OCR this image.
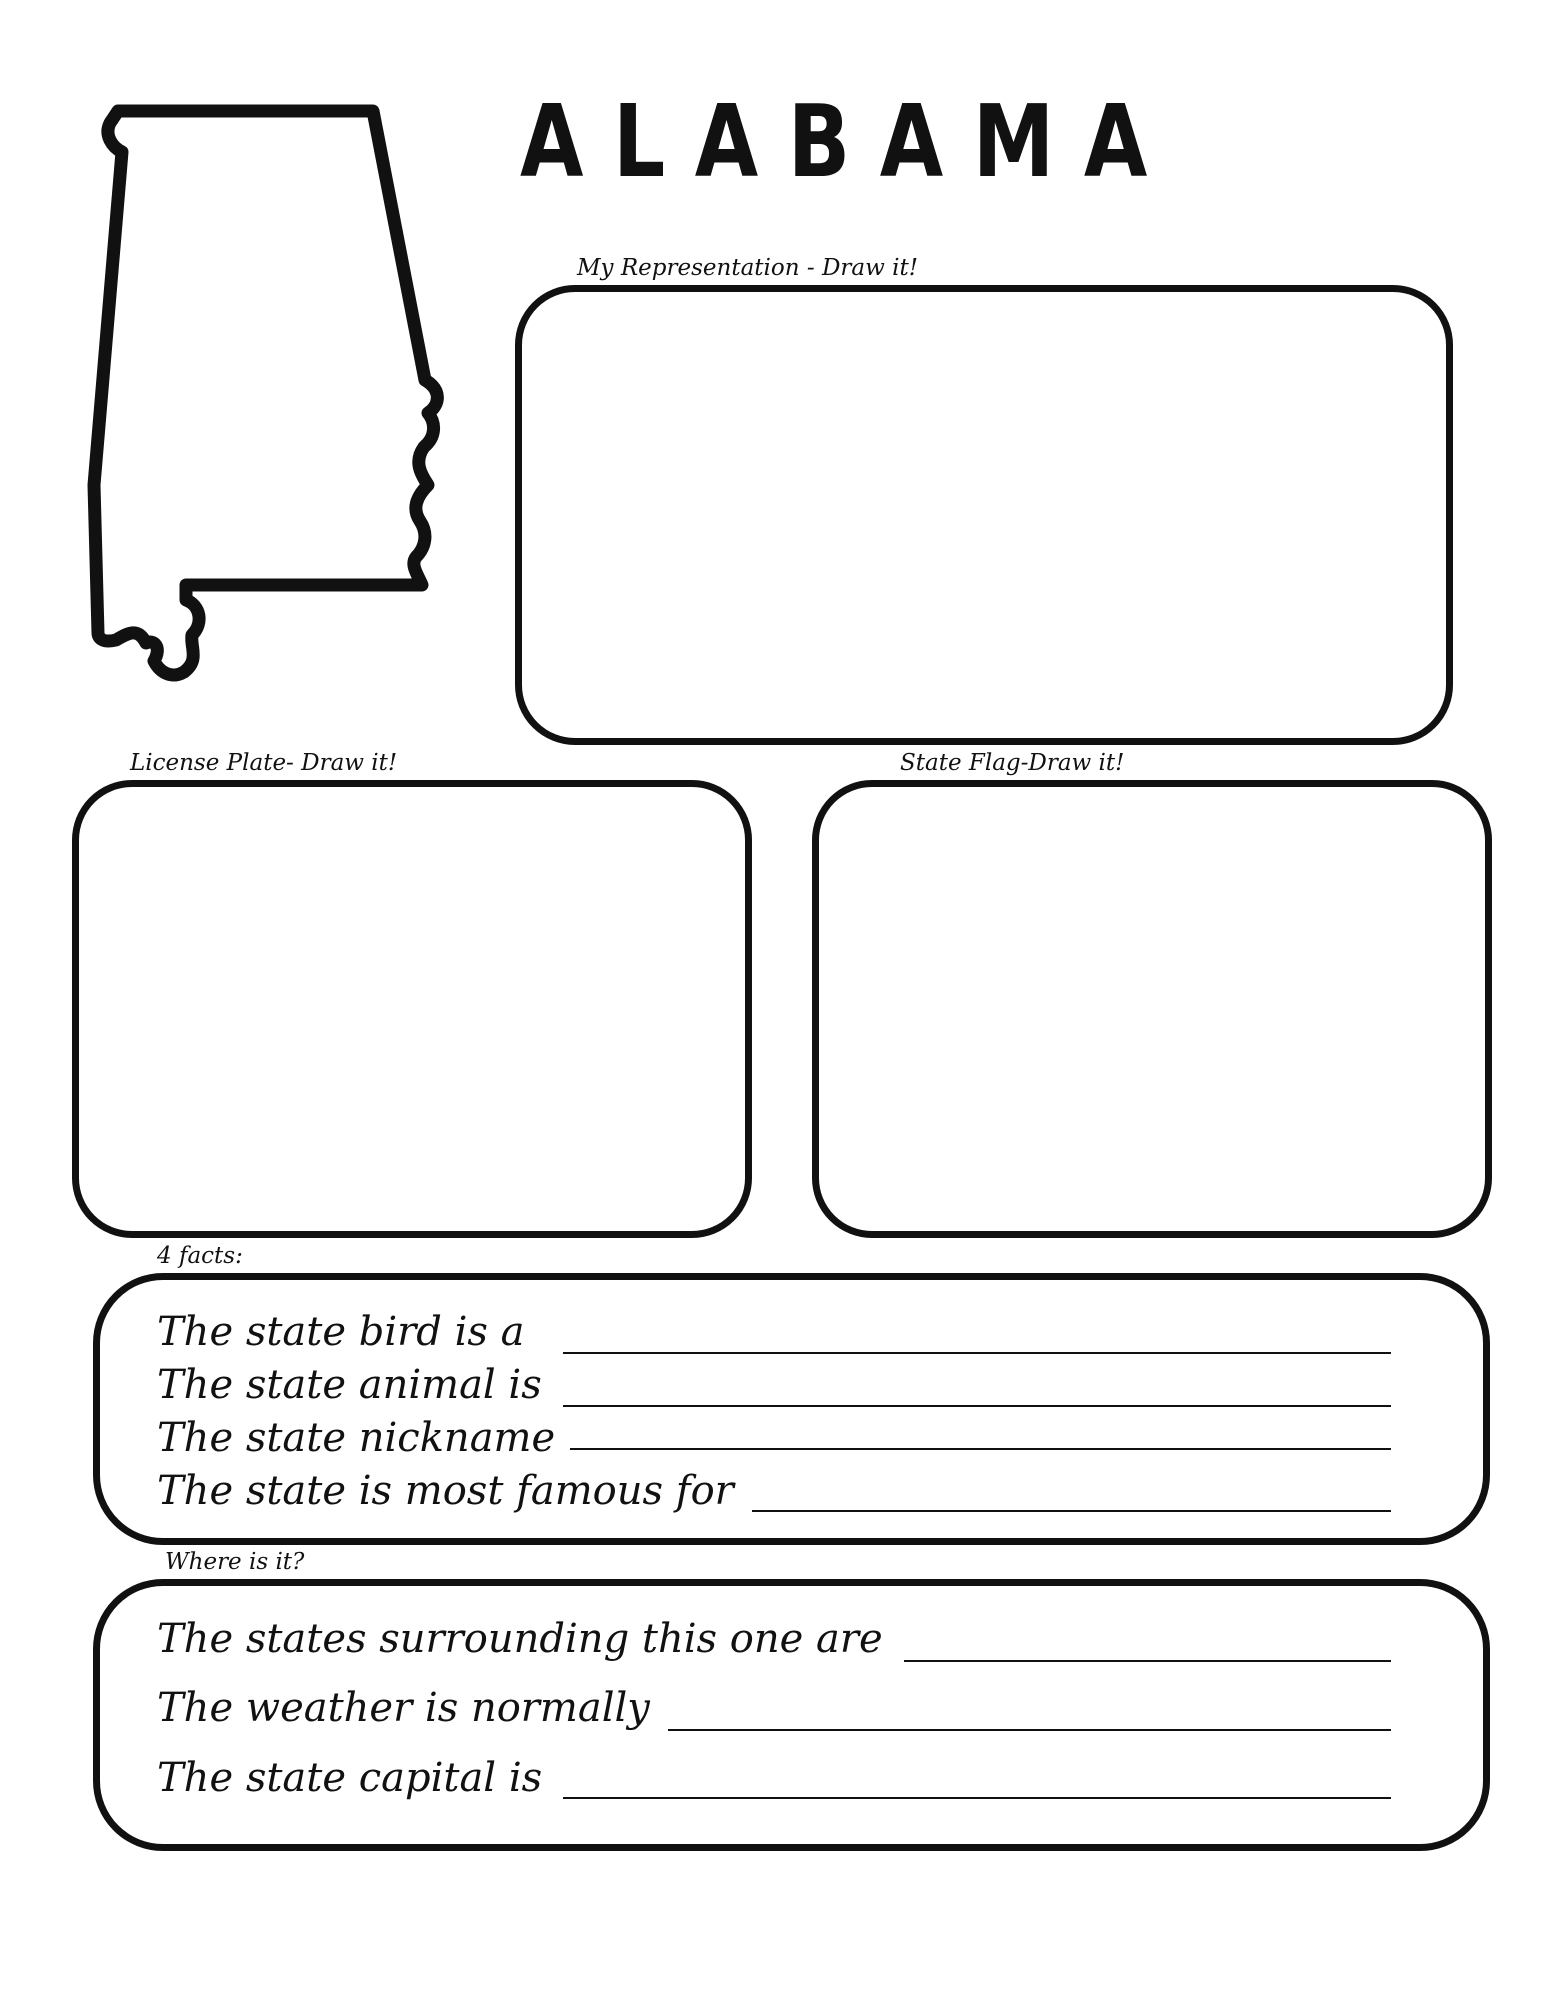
ALABAMA
My Representation - Draw it!
License Plate- Draw it!	State Flag-Draw it!
4 facts:
The state bird is a
The state animal is
The state nickname
The state is most famous for
Where is it?
The states surrounding this one are
The weather is normally
The state capital is
